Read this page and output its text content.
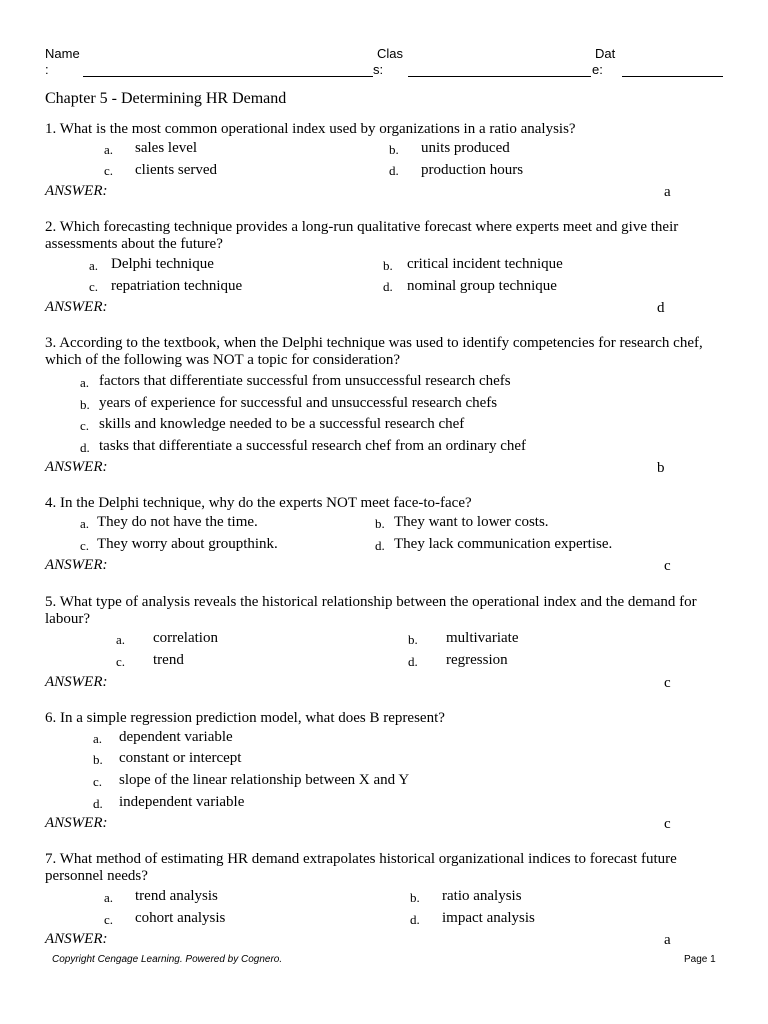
Name
:
Clas
s:
Dat
e:
Chapter 5 - Determining HR Demand
1. What is the most common operational index used by organizations in a ratio analysis?
a. sales level	b. units produced
c. clients served	d. production hours
ANSWER:	a
2. Which forecasting technique provides a long-run qualitative forecast where experts meet and give their assessments about the future?
a. Delphi technique	b. critical incident technique
c. repatriation technique	d. nominal group technique
ANSWER:	d
3. According to the textbook, when the Delphi technique was used to identify competencies for research chef, which of the following was NOT a topic for consideration?
a. factors that differentiate successful from unsuccessful research chefs
b. years of experience for successful and unsuccessful research chefs
c. skills and knowledge needed to be a successful research chef
d. tasks that differentiate a successful research chef from an ordinary chef
ANSWER:	b
4. In the Delphi technique, why do the experts NOT meet face-to-face?
a. They do not have the time.	b. They want to lower costs.
c. They worry about groupthink.	d. They lack communication expertise.
ANSWER:	c
5. What type of analysis reveals the historical relationship between the operational index and the demand for labour?
a. correlation	b. multivariate
c. trend	d. regression
ANSWER:	c
6. In a simple regression prediction model, what does B represent?
a. dependent variable
b. constant or intercept
c. slope of the linear relationship between X and Y
d. independent variable
ANSWER:	c
7. What method of estimating HR demand extrapolates historical organizational indices to forecast future personnel needs?
a. trend analysis	b. ratio analysis
c. cohort analysis	d. impact analysis
ANSWER:	a
Copyright Cengage Learning. Powered by Cognero.	Page 1
